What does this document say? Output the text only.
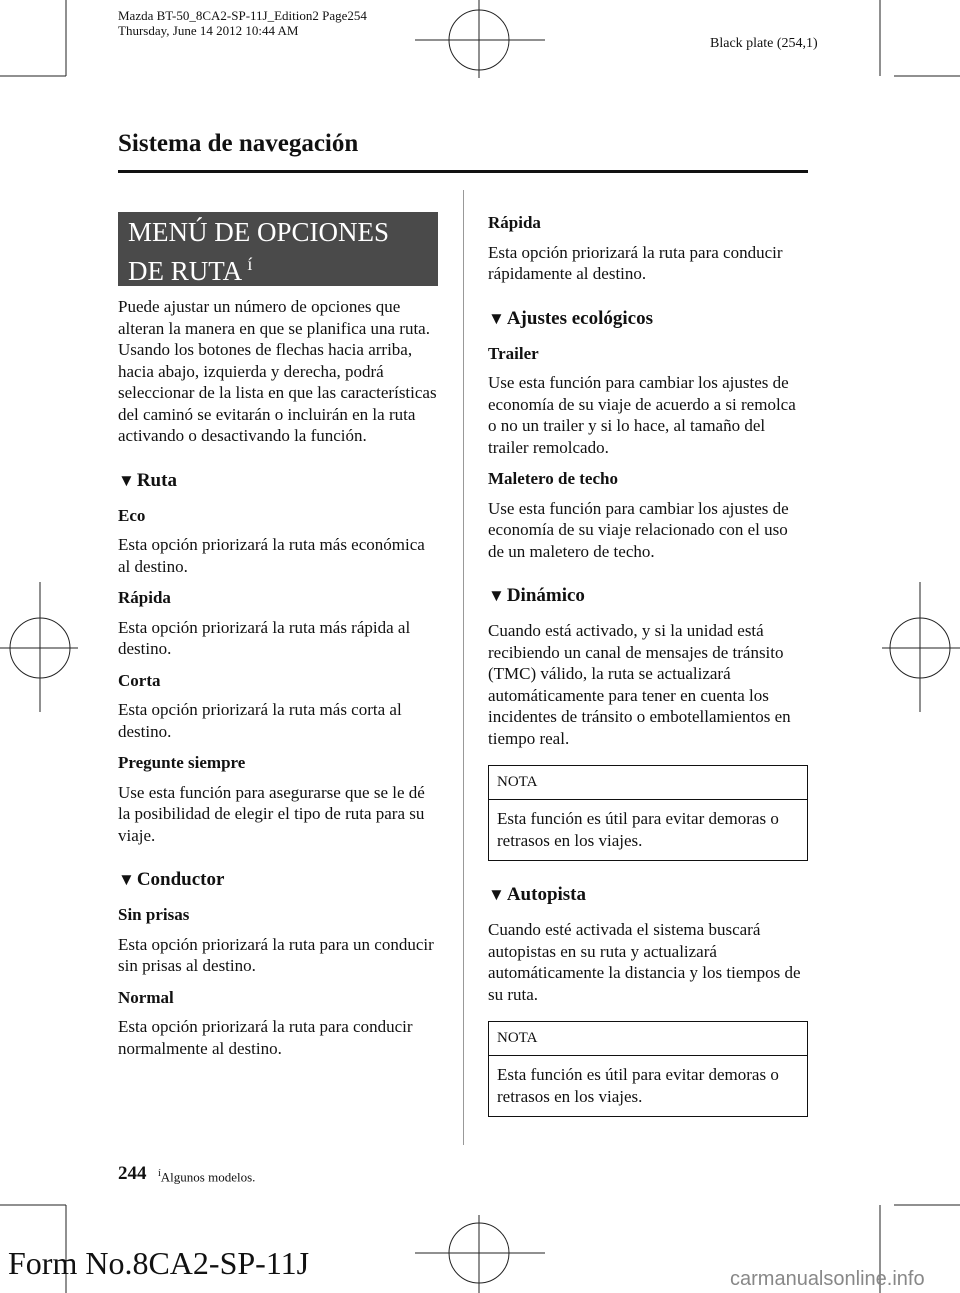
Mazda BT-50_8CA2-SP-11J_Edition2 Page254
Thursday, June 14 2012 10:44 AM
Black plate (254,1)
Sistema de navegación
MENÚ DE OPCIONES
DE RUTA $^í$

Puede ajustar un número de opciones que alteran la manera en que se planifica una ruta.

Usando los botones de flechas hacia arriba, hacia abajo, izquierda y derecha, podrá seleccionar de la lista en que las características del caminó se evitarán o incluirán en la ruta activando o desactivando la función.

▼ Ruta

Eco

Esta opción priorizará la ruta más económica al destino.

Rápida

Esta opción priorizará la ruta más rápida al destino.

Corta

Esta opción priorizará la ruta más corta al destino.

Pregunte siempre

Use esta función para asegurarse que se le dé la posibilidad de elegir el tipo de ruta para su viaje.

▼ Conductor

Sin prisas

Esta opción priorizará la ruta para un conducir sin prisas al destino.

Normal

Esta opción priorizará la ruta para conducir normalmente al destino.

Rápida

Esta opción priorizará la ruta para conducir rápidamente al destino.

▼ Ajustes ecológicos

Trailer

Use esta función para cambiar los ajustes de economía de su viaje de acuerdo a si remolca o no un trailer y si lo hace, al tamaño del trailer remolcado.

Maletero de techo

Use esta función para cambiar los ajustes de economía de su viaje relacionado con el uso de un maletero de techo.

▼ Dinámico

Cuando está activado, y si la unidad está recibiendo un canal de mensajes de tránsito (TMC) válido, la ruta se actualizará automáticamente para tener en cuenta los incidentes de tránsito o embotellamientos en tiempo real.

NOTA
Esta función es útil para evitar demoras o retrasos en los viajes.
▼ Autopista

Cuando esté activada el sistema buscará autopistas en su ruta y actualizará automáticamente la distancia y los tiempos de su ruta.

NOTA
Esta función es útil para evitar demoras o retrasos en los viajes.
244 $^í$Algunos modelos.
Form No.8CA2-SP-11J	carmanualsonline.info
